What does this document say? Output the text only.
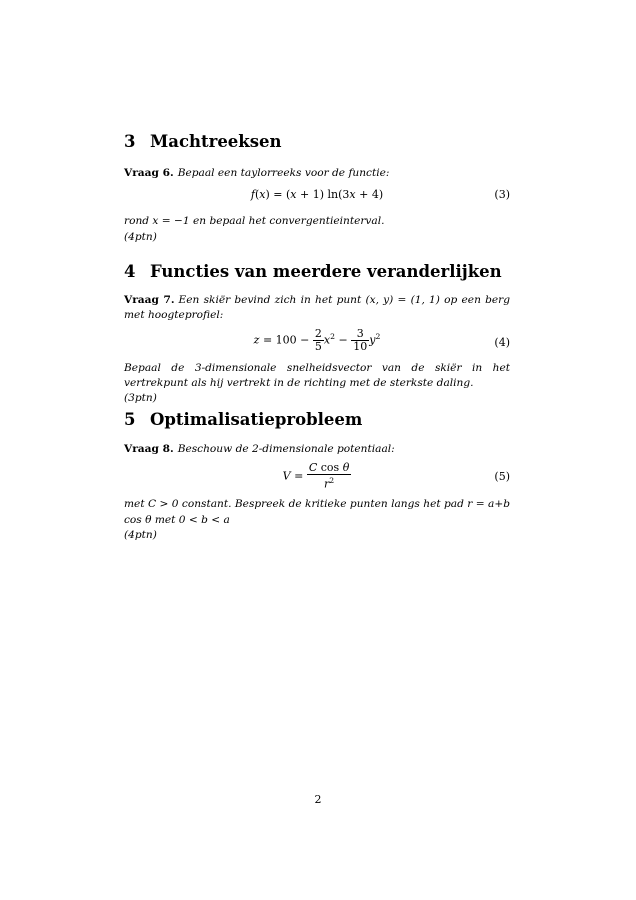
3 Machtreeksen

Vraag 6. Bepaal een taylorreeks voor de functie:

f(x) = (x + 1) ln(3x + 4)	(3)

rond x = −1 en bepaal het convergentieinterval.

(4ptn)

4 Functies van meerdere veranderlijken

Vraag 7. Een skiër bevind zich in het punt (x, y) = (1, 1) op een berg met hoogteprofiel:

$z = 100 - \frac{2}{5} x^2 - \frac{3}{10} y^2$	(4)

Bepaal de 3-dimensionale snelheidsvector van de skiër in het vertrekpunt als hij vertrekt in de richting met de sterkste daling.

(3ptn)

5 Optimalisatieprobleem

Vraag 8. Beschouw de 2-dimensionale potentiaal:

$V = \frac{\text{C cos θ}}{r^2}$	(5)

met C > 0 constant. Bespreek de kritieke punten langs het pad r = a+b cos θ met 0 < b < a

(4ptn)

2
